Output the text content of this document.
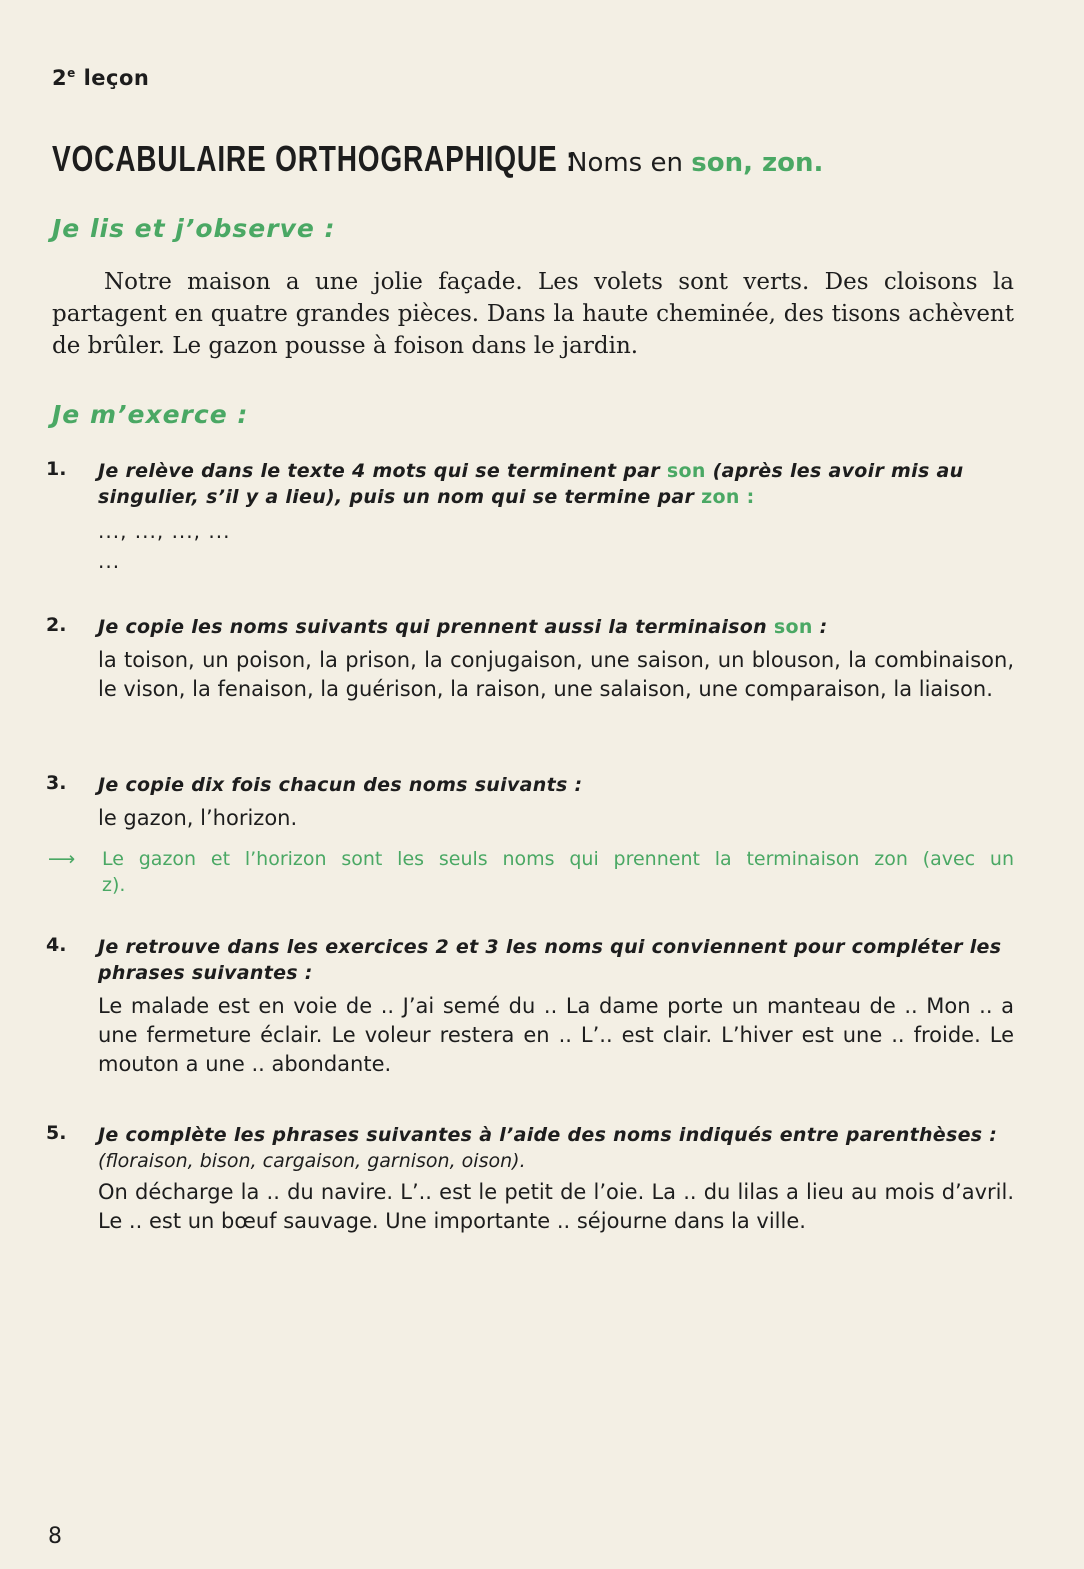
2e leçon
VOCABULAIRE ORTHOGRAPHIQUE :
Noms en son, zon.
Je lis et j’observe :
Notre maison a une jolie façade. Les volets sont verts. Des cloisons la partagent en quatre grandes pièces. Dans la haute cheminée, des tisons achèvent de brûler. Le gazon pousse à foison dans le jardin.
Je m’exerce :
1. Je relève dans le texte 4 mots qui se terminent par son (après les avoir mis au singulier, s’il y a lieu), puis un nom qui se termine par zon :
..., ..., ..., ...
...
2. Je copie les noms suivants qui prennent aussi la terminaison son :
la toison, un poison, la prison, la conjugaison, une saison, un blouson, la combinaison, le vison, la fenaison, la guérison, la raison, une salaison, une comparaison, la liaison.
3. Je copie dix fois chacun des noms suivants :
le gazon, l’horizon.
⟶ Le gazon et l’horizon sont les seuls noms qui prennent la terminaison zon (avec un z).
4. Je retrouve dans les exercices 2 et 3 les noms qui conviennent pour compléter les phrases suivantes :
Le malade est en voie de .. J’ai semé du .. La dame porte un manteau de .. Mon .. a une fermeture éclair. Le voleur restera en .. L’.. est clair. L’hiver est une .. froide. Le mouton a une .. abondante.
5. Je complète les phrases suivantes à l’aide des noms indiqués entre parenthèses :
(floraison, bison, cargaison, garnison, oison).
On décharge la .. du navire. L’.. est le petit de l’oie. La .. du lilas a lieu au mois d’avril. Le .. est un bœuf sauvage. Une importante .. séjourne dans la ville.
8
